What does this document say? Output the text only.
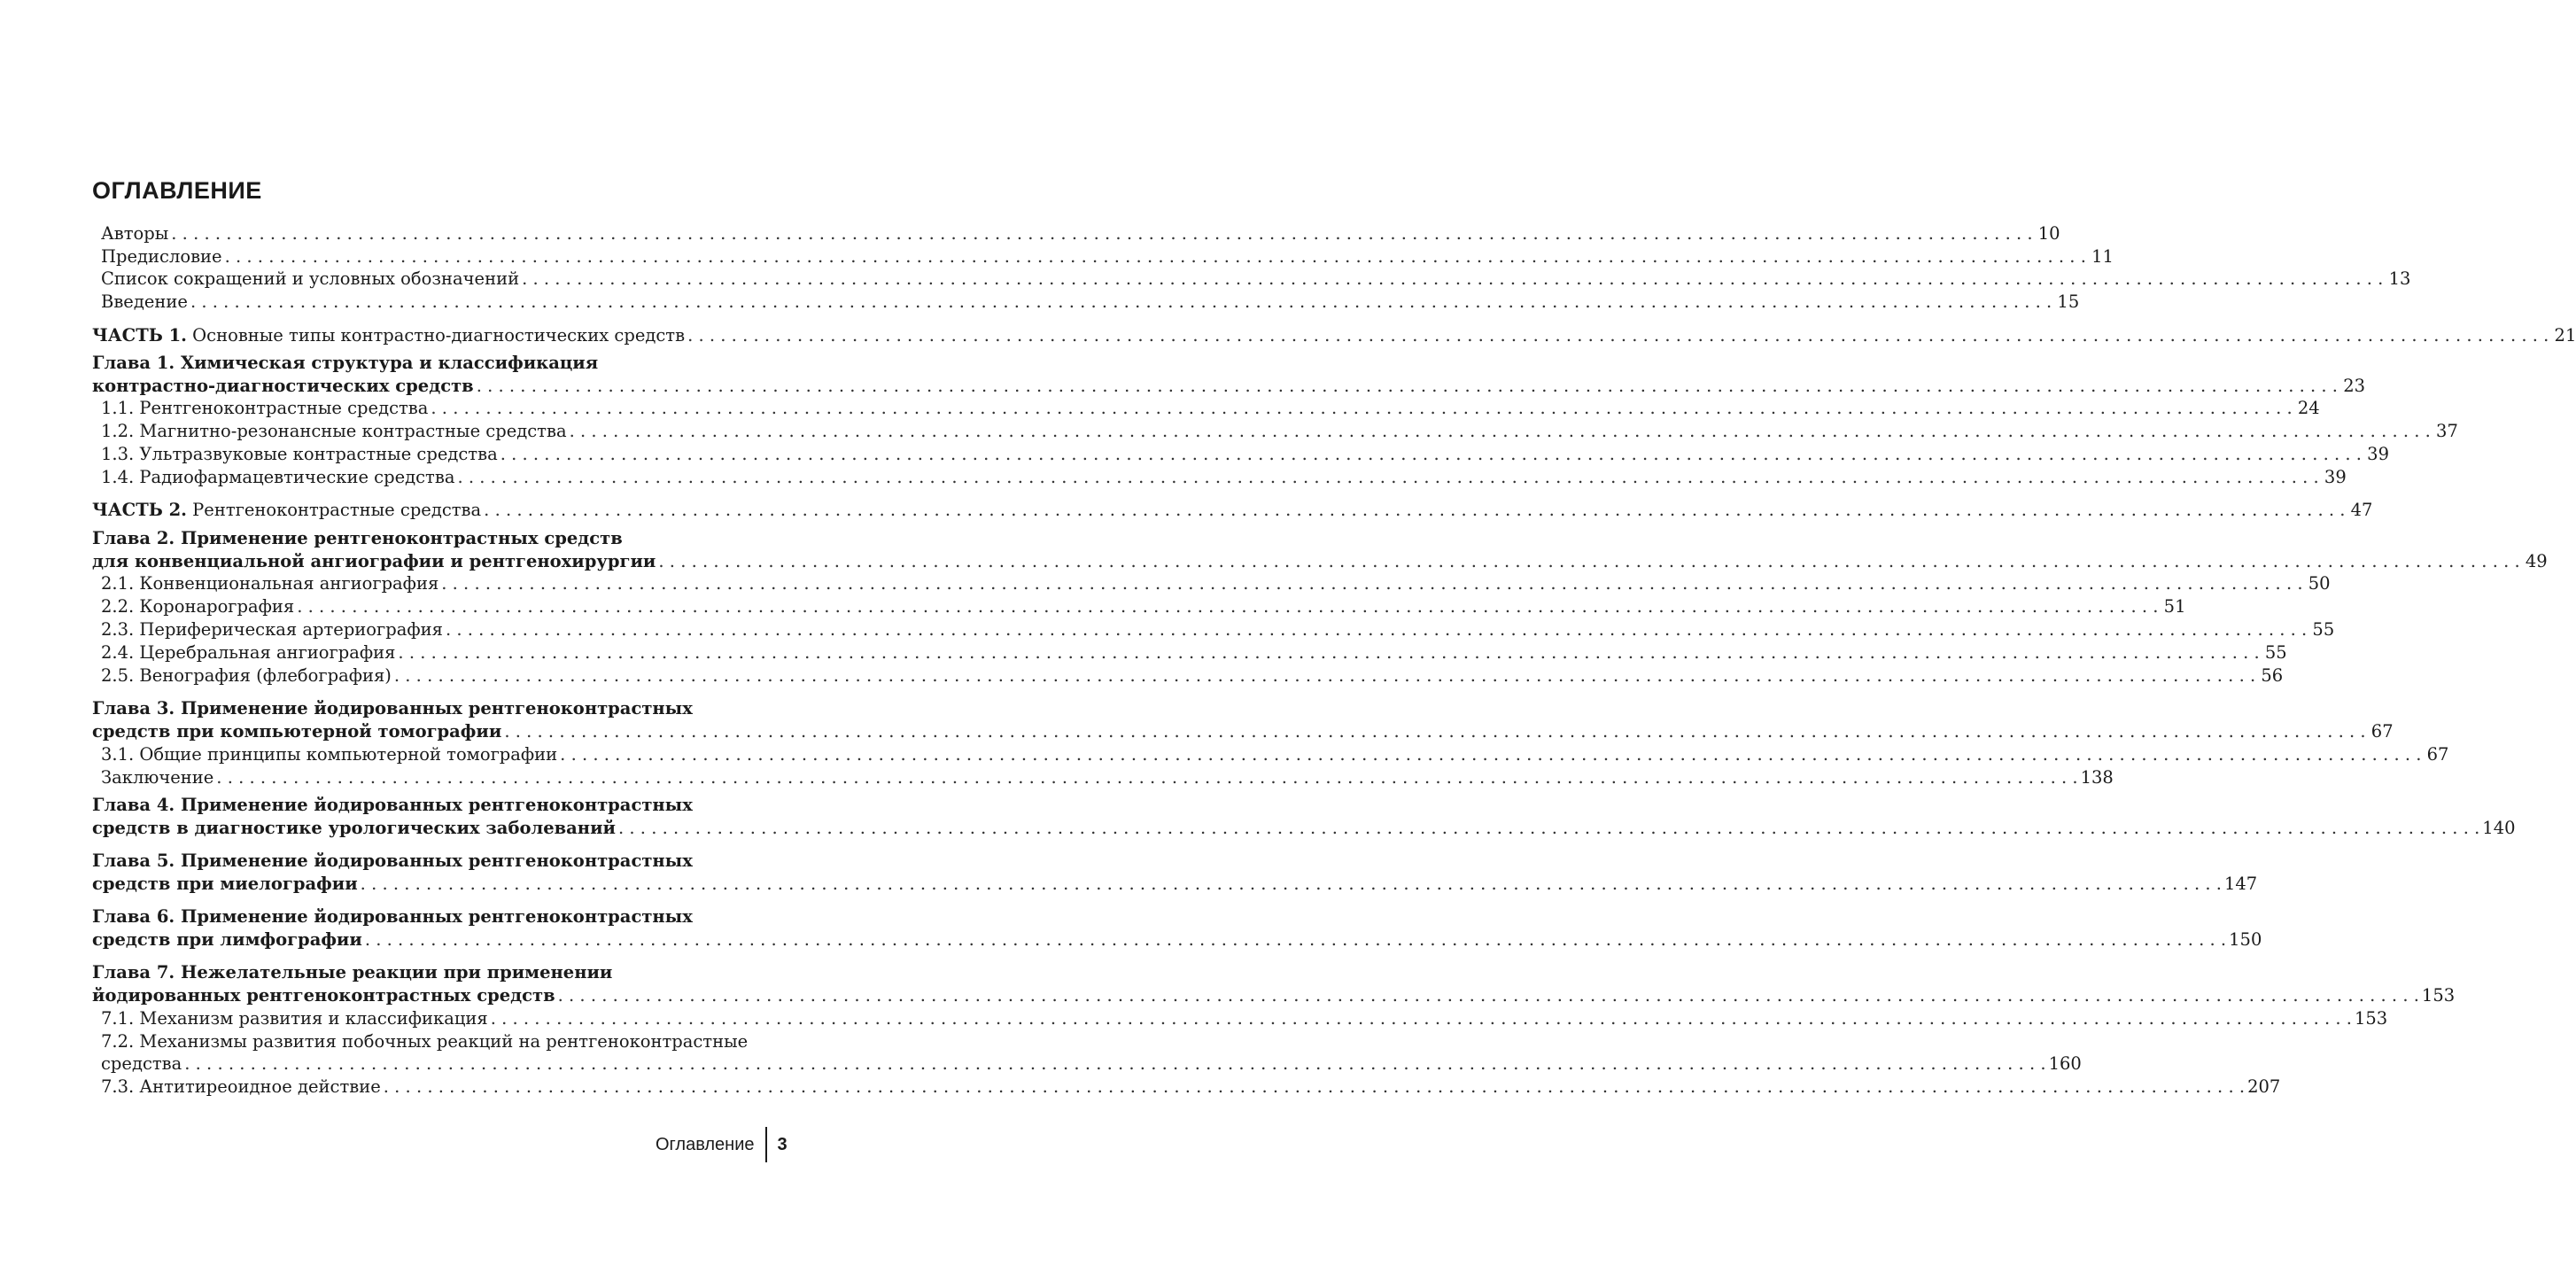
ОГЛАВЛЕНИЕ
Авторы . . .	10
Предисловие . . .	11
Список сокращений и условных обозначений . . .	13
Введение . . .	15
ЧАСТЬ 1. Основные типы контрастно-диагностических средств . . .	21
Глава 1. Химическая структура и классификация
контрастно-диагностических средств . . .	23
1.1. Рентгеноконтрастные средства . . .	24
1.2. Магнитно-резонансные контрастные средства . . .	37
1.3. Ультразвуковые контрастные средства . . .	39
1.4. Радиофармацевтические средства . . .	39
ЧАСТЬ 2. Рентгеноконтрастные средства . . .	47
Глава 2. Применение рентгеноконтрастных средств
для конвенциальной ангиографии и рентгенохирургии . . .	49
2.1. Конвенциональная ангиография . . .	50
2.2. Коронарография . . .	51
2.3. Периферическая артериография . . .	55
2.4. Церебральная ангиография . . .	55
2.5. Венография (флебография) . . .	56
Глава 3. Применение йодированных рентгеноконтрастных
средств при компьютерной томографии . . .	67
3.1. Общие принципы компьютерной томографии . . .	67
Заключение . . .	138
Глава 4. Применение йодированных рентгеноконтрастных
средств в диагностике урологических заболеваний . . .	140
Глава 5. Применение йодированных рентгеноконтрастных
средств при миелографии . . .	147
Глава 6. Применение йодированных рентгеноконтрастных
средств при лимфографии . . .	150
Глава 7. Нежелательные реакции при применении
йодированных рентгеноконтрастных средств . . .	153
7.1. Механизм развития и классификация . . .	153
7.2. Механизмы развития побочных реакций на рентгеноконтрастные
средства . . .	160
7.3. Антитиреоидное действие . . .	207
Оглавление	3
